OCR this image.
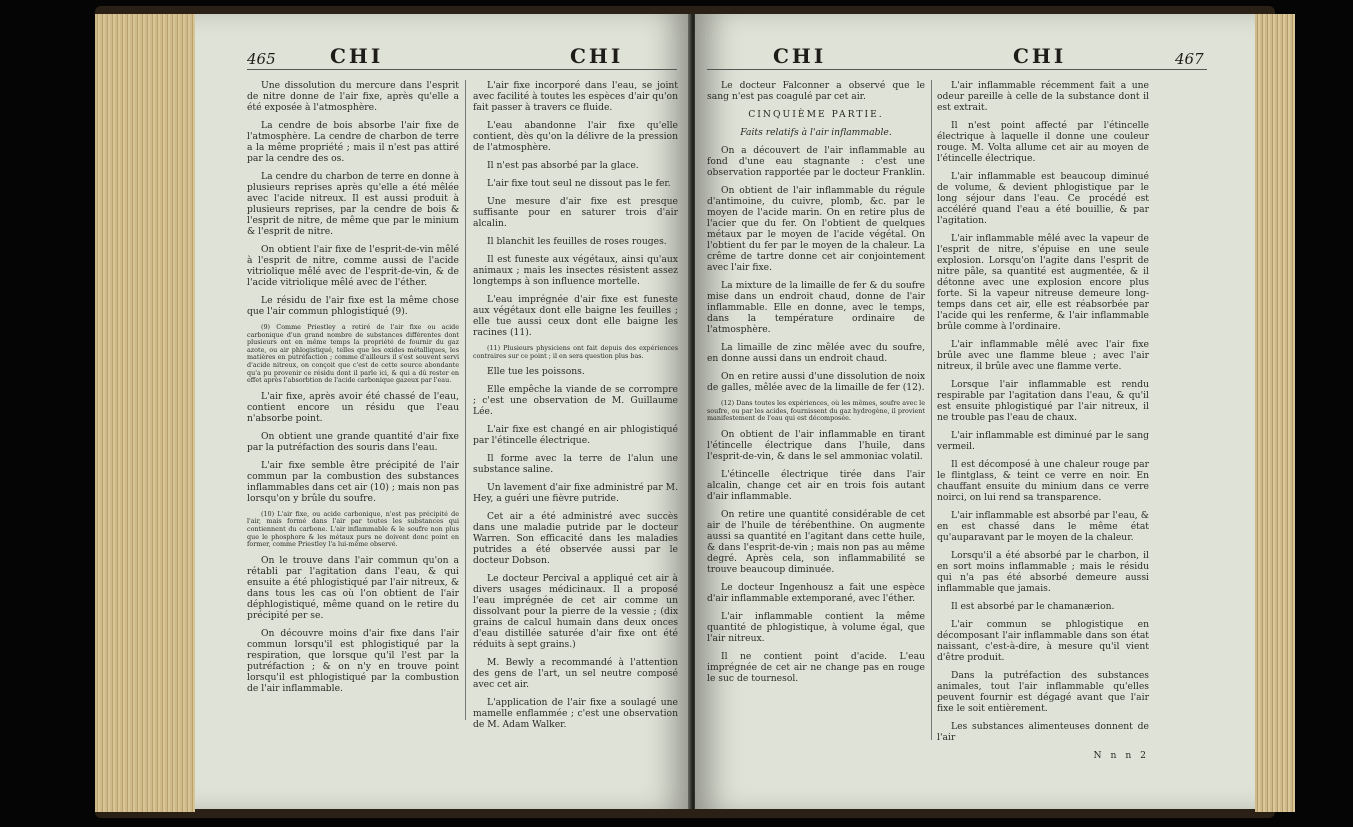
465	CHI	CHI

Une dissolution du mercure dans l'esprit de nitre donne de l'air fixe, après qu'elle a été exposée à l'atmosphère.

La cendre de bois absorbe l'air fixe de l'atmosphère. La cendre de charbon de terre a la même propriété ; mais il n'est pas attiré par la cendre des os.

La cendre du charbon de terre en donne à plusieurs reprises après qu'elle a été mêlée avec l'acide nitreux. Il est aussi produit à plusieurs reprises, par la cendre de bois & l'esprit de nitre, de même que par le minium & l'esprit de nitre.

On obtient l'air fixe de l'esprit-de-vin mêlé à l'esprit de nitre, comme aussi de l'acide vitriolique mêlé avec de l'esprit-de-vin, & de l'acide vitriolique mêlé avec de l'éther.

Le résidu de l'air fixe est la même chose que l'air commun phlogistiqué (9).

(9) Comme Priestley a retiré de l'air fixe ou acide carbonique d'un grand nombre de substances différentes dont plusieurs ont en même temps la propriété de fournir du gaz azote, ou air phlogistiqué, telles que les oxides métalliques, les matières en putréfaction ; comme d'ailleurs il s'est souvent servi d'acide nitreux, on conçoit que c'est de cette source abondante qu'a pu provenir ce résidu dont il parle ici, & qui a dû rester en effet après l'absorbtion de l'acide carbonique gazeux par l'eau.

L'air fixe, après avoir été chassé de l'eau, contient encore un résidu que l'eau n'absorbe point.

On obtient une grande quantité d'air fixe par la putréfaction des souris dans l'eau.

L'air fixe semble être précipité de l'air commun par la combustion des substances inflammables dans cet air (10) ; mais non pas lorsqu'on y brûle du soufre.

(10) L'air fixe, ou acide carbonique, n'est pas précipité de l'air, mais formé dans l'air par toutes les substances qui contiennent du carbone. L'air inflammable & le soufre non plus que le phosphore & les métaux purs ne doivent donc point en former, comme Priestley l'a lui-même observé.

On le trouve dans l'air commun qu'on a rétabli par l'agitation dans l'eau, & qui ensuite a été phlogistiqué par l'air nitreux, & dans tous les cas où l'on obtient de l'air déphlogistiqué, même quand on le retire du précipité per se.

On découvre moins d'air fixe dans l'air commun lorsqu'il est phlogistiqué par la respiration, que lorsque qu'il l'est par la putréfaction ; & on n'y en trouve point lorsqu'il est phlogistiqué par la combustion de l'air inflammable.

L'air fixe incorporé dans l'eau, se joint avec facilité à toutes les espèces d'air qu'on fait passer à travers ce fluide.

L'eau abandonne l'air fixe qu'elle contient, dès qu'on la délivre de la pression de l'atmosphère.

Il n'est pas absorbé par la glace.

L'air fixe tout seul ne dissout pas le fer.

Une mesure d'air fixe est presque suffisante pour en saturer trois d'air alcalin.

Il blanchit les feuilles de roses rouges.

Il est funeste aux végétaux, ainsi qu'aux animaux ; mais les insectes résistent assez longtemps à son influence mortelle.

L'eau imprégnée d'air fixe est funeste aux végétaux dont elle baigne les feuilles ; elle tue aussi ceux dont elle baigne les racines (11).

(11) Plusieurs physiciens ont fait depuis des expériences contraires sur ce point ; il en sera question plus bas.

Elle tue les poissons.

Elle empêche la viande de se corrompre ; c'est une observation de M. Guillaume Lée.

L'air fixe est changé en air phlogistiqué par l'étincelle électrique.

Il forme avec la terre de l'alun une substance saline.

Un lavement d'air fixe administré par M. Hey, a guéri une fièvre putride.

Cet air a été administré avec succès dans une maladie putride par le docteur Warren. Son efficacité dans les maladies putrides a été observée aussi par le docteur Dobson.

Le docteur Percival a appliqué cet air à divers usages médicinaux. Il a proposé l'eau imprégnée de cet air comme un dissolvant pour la pierre de la vessie ; (dix grains de calcul humain dans deux onces d'eau distillée saturée d'air fixe ont été réduits à sept grains.)

M. Bewly a recommandé à l'attention des gens de l'art, un sel neutre composé avec cet air.

L'application de l'air fixe a soulagé une mamelle enflammée ; c'est une observation de M. Adam Walker.

CHI	CHI	467

Le docteur Falconner a observé que le sang n'est pas coagulé par cet air.

CINQUIÈME PARTIE.

Faits relatifs à l'air inflammable.

On a découvert de l'air inflammable au fond d'une eau stagnante : c'est une observation rapportée par le docteur Franklin.

On obtient de l'air inflammable du régule d'antimoine, du cuivre, plomb, &c. par le moyen de l'acide marin. On en retire plus de l'acier que du fer. On l'obtient de quelques métaux par le moyen de l'acide végétal. On l'obtient du fer par le moyen de la chaleur. La crême de tartre donne cet air conjointement avec l'air fixe.

La mixture de la limaille de fer & du soufre mise dans un endroit chaud, donne de l'air inflammable. Elle en donne, avec le temps, dans la température ordinaire de l'atmosphère.

La limaille de zinc mêlée avec du soufre, en donne aussi dans un endroit chaud.

On en retire aussi d'une dissolution de noix de galles, mêlée avec de la limaille de fer (12).

(12) Dans toutes les expériences, où les mêmes, soufre avec le soufre, ou par les acides, fournissent du gaz hydrogène, il provient manifestement de l'eau qui est décomposée.

On obtient de l'air inflammable en tirant l'étincelle électrique dans l'huile, dans l'esprit-de-vin, & dans le sel ammoniac volatil.

L'étincelle électrique tirée dans l'air alcalin, change cet air en trois fois autant d'air inflammable.

On retire une quantité considérable de cet air de l'huile de térébenthine. On augmente aussi sa quantité en l'agitant dans cette huile, & dans l'esprit-de-vin ; mais non pas au même degré. Après cela, son inflammabilité se trouve beaucoup diminuée.

Le docteur Ingenhousz a fait une espèce d'air inflammable extemporané, avec l'éther.

L'air inflammable contient la même quantité de phlogistique, à volume égal, que l'air nitreux.

Il ne contient point d'acide. L'eau imprégnée de cet air ne change pas en rouge le suc de tournesol.

L'air inflammable récemment fait a une odeur pareille à celle de la substance dont il est extrait.

Il n'est point affecté par l'étincelle électrique à laquelle il donne une couleur rouge. M. Volta allume cet air au moyen de l'étincelle électrique.

L'air inflammable est beaucoup diminué de volume, & devient phlogistique par le long séjour dans l'eau. Ce procédé est accéléré quand l'eau a été bouillie, & par l'agitation.

L'air inflammable mêlé avec la vapeur de l'esprit de nitre, s'épuise en une seule explosion. Lorsqu'on l'agite dans l'esprit de nitre pâle, sa quantité est augmentée, & il détonne avec une explosion encore plus forte. Si la vapeur nitreuse demeure long-temps dans cet air, elle est réabsorbée par l'acide qui les renferme, & l'air inflammable brûle comme à l'ordinaire.

L'air inflammable mêlé avec l'air fixe brûle avec une flamme bleue ; avec l'air nitreux, il brûle avec une flamme verte.

Lorsque l'air inflammable est rendu respirable par l'agitation dans l'eau, & qu'il est ensuite phlogistiqué par l'air nitreux, il ne trouble pas l'eau de chaux.

L'air inflammable est diminué par le sang vermeil.

Il est décomposé à une chaleur rouge par le flintglass, & teint ce verre en noir. En chauffant ensuite du minium dans ce verre noirci, on lui rend sa transparence.

L'air inflammable est absorbé par l'eau, & en est chassé dans le même état qu'auparavant par le moyen de la chaleur.

Lorsqu'il a été absorbé par le charbon, il en sort moins inflammable ; mais le résidu qui n'a pas été absorbé demeure aussi inflammable que jamais.

Il est absorbé par le chamanærion.

L'air commun se phlogistique en décomposant l'air inflammable dans son état naissant, c'est-à-dire, à mesure qu'il vient d'être produit.

Dans la putréfaction des substances animales, tout l'air inflammable qu'elles peuvent fournir est dégagé avant que l'air fixe le soit entièrement.

Les substances alimenteuses donnent de l'air

N n n 2
